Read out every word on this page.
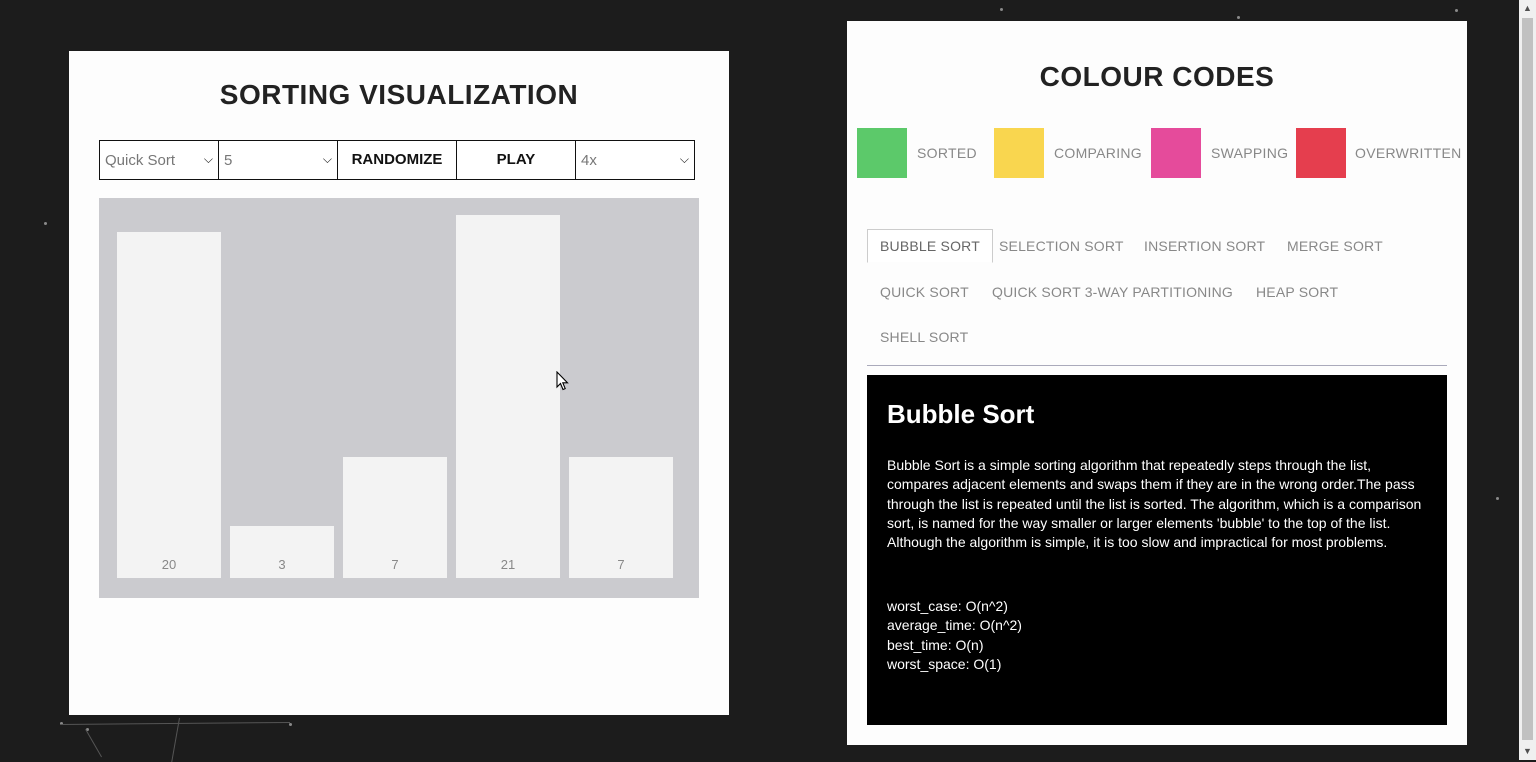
SORTING VISUALIZATION
Quick Sort ⌵ 5	⌵	RANDOMIZE	PLAY	4x	⌵
20	3	7	21	7
COLOUR CODES
SORTED	COMPARING	SWAPPING	OVERWRITTEN
BUBBLE SORT	SELECTION SORT INSERTION SORT MERGE SORT
QUICK SORT QUICK SORT 3-WAY PARTITIONING HEAP SORT
SHELL SORT
Bubble Sort
Bubble Sort is a simple sorting algorithm that repeatedly steps through the list, compares adjacent elements and swaps them if they are in the wrong order.The pass through the list is repeated until the list is sorted. The algorithm, which is a comparison sort, is named for the way smaller or larger elements 'bubble' to the top of the list. Although the algorithm is simple, it is too slow and impractical for most problems.
worst_case: O(n^2)
average_time: O(n^2)
best_time: O(n)
worst_space: O(1)
▲
▼
